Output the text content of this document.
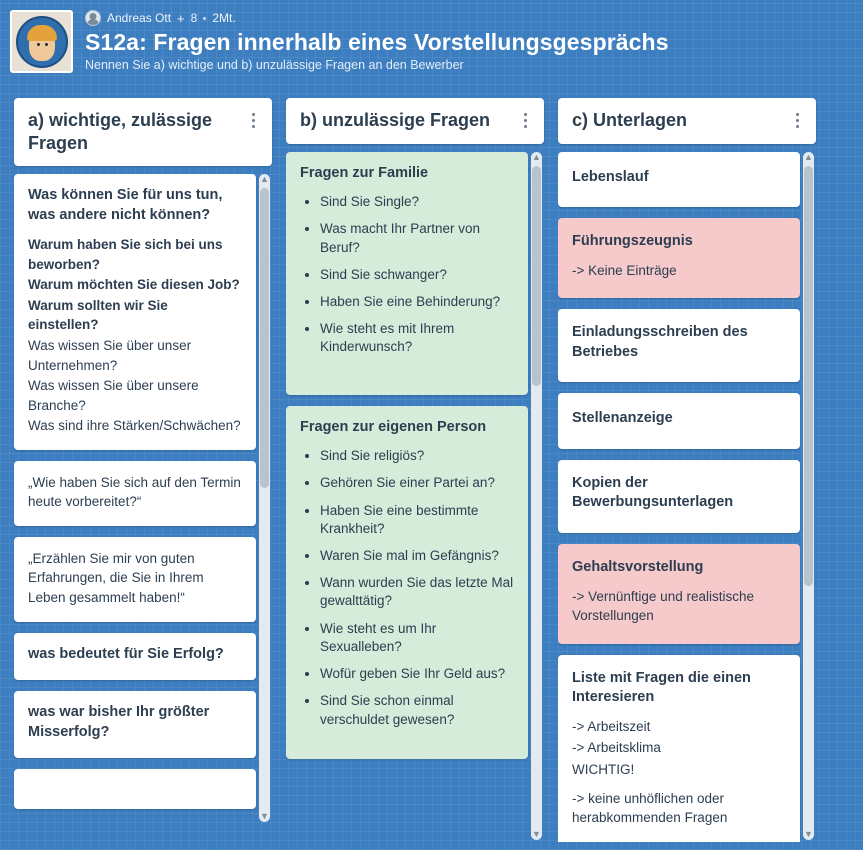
Andreas Ott + 8 2Mt.
S12a: Fragen innerhalb eines Vorstellungsgesprächs
Nennen Sie a) wichtige und b) unzulässige Fragen an den Bewerber
a) wichtige, zulässige Fragen
Was können Sie für uns tun, was andere nicht können?
Warum haben Sie sich bei uns beworben?
Warum möchten Sie diesen Job?
Warum sollten wir Sie einstellen?
Was wissen Sie über unser Unternehmen?
Was wissen Sie über unsere Branche?
Was sind ihre Stärken/Schwächen?
„Wie haben Sie sich auf den Termin heute vorbereitet?“
„Erzählen Sie mir von guten Erfahrungen, die Sie in Ihrem Leben gesammelt haben!“
was bedeutet für Sie Erfolg?
was war bisher Ihr größter Misserfolg?
▲
▼
b) unzulässige Fragen
Fragen zur Familie
• Sind Sie Single?
• Was macht Ihr Partner von Beruf?
• Sind Sie schwanger?
• Haben Sie eine Behinderung?
• Wie steht es mit Ihrem Kinderwunsch?
Fragen zur eigenen Person
• Sind Sie religiös?
• Gehören Sie einer Partei an?
• Haben Sie eine bestimmte Krankheit?
• Waren Sie mal im Gefängnis?
• Wann wurden Sie das letzte Mal gewalttätig?
• Wie steht es um Ihr Sexualleben?
• Wofür geben Sie Ihr Geld aus?
• Sind Sie schon einmal verschuldet gewesen?
▲
▼
c) Unterlagen
Lebenslauf
Führungszeugnis
-> Keine Einträge
Einladungsschreiben des Betriebes
Stellenanzeige
Kopien der Bewerbungsunterlagen
Gehaltsvorstellung
-> Vernünftige und realistische Vorstellungen
Liste mit Fragen die einen Interesieren
-> Arbeitszeit
-> Arbeitsklima
WICHTIG!
-> keine unhöflichen oder herabkommenden Fragen
▲
▼
